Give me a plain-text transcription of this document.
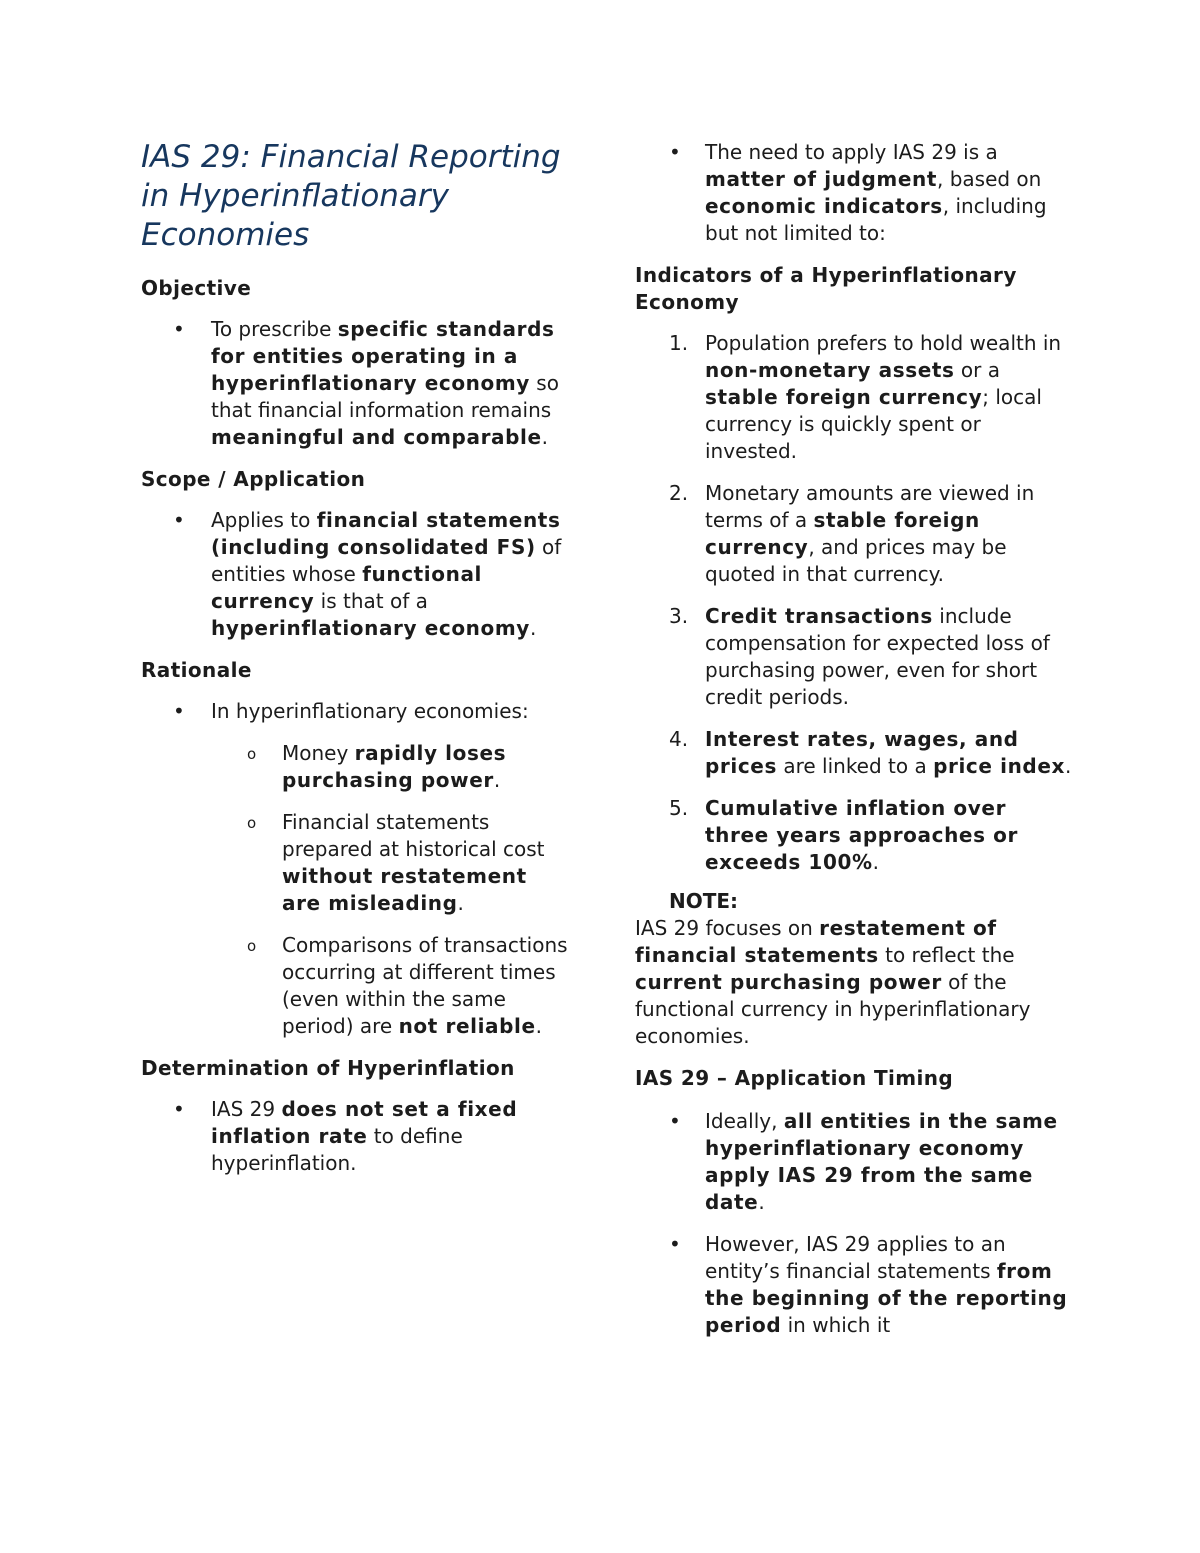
IAS 29: Financial Reporting in Hyperinflationary Economies
Objective
• To prescribe specific standards for entities operating in a hyperinflationary economy so that financial information remains meaningful and comparable.
Scope / Application
• Applies to financial statements (including consolidated FS) of entities whose functional currency is that of a hyperinflationary economy.
Rationale
• In hyperinflationary economies:
o Money rapidly loses purchasing power.
o Financial statements prepared at historical cost without restatement are misleading.
o Comparisons of transactions occurring at different times (even within the same period) are not reliable.
Determination of Hyperinflation
• IAS 29 does not set a fixed inflation rate to define hyperinflation.
• The need to apply IAS 29 is a matter of judgment, based on economic indicators, including but not limited to:
Indicators of a Hyperinflationary Economy
1. Population prefers to hold wealth in non-monetary assets or a stable foreign currency; local currency is quickly spent or invested.
2. Monetary amounts are viewed in terms of a stable foreign currency, and prices may be quoted in that currency.
3. Credit transactions include compensation for expected loss of purchasing power, even for short credit periods.
4. Interest rates, wages, and prices are linked to a price index.
5. Cumulative inflation over three years approaches or exceeds 100%.
NOTE:

IAS 29 focuses on restatement of financial statements to reflect the current purchasing power of the functional currency in hyperinflationary economies.

IAS 29 – Application Timing
• Ideally, all entities in the same hyperinflationary economy apply IAS 29 from the same date.
• However, IAS 29 applies to an entity’s financial statements from the beginning of the reporting period in which it
